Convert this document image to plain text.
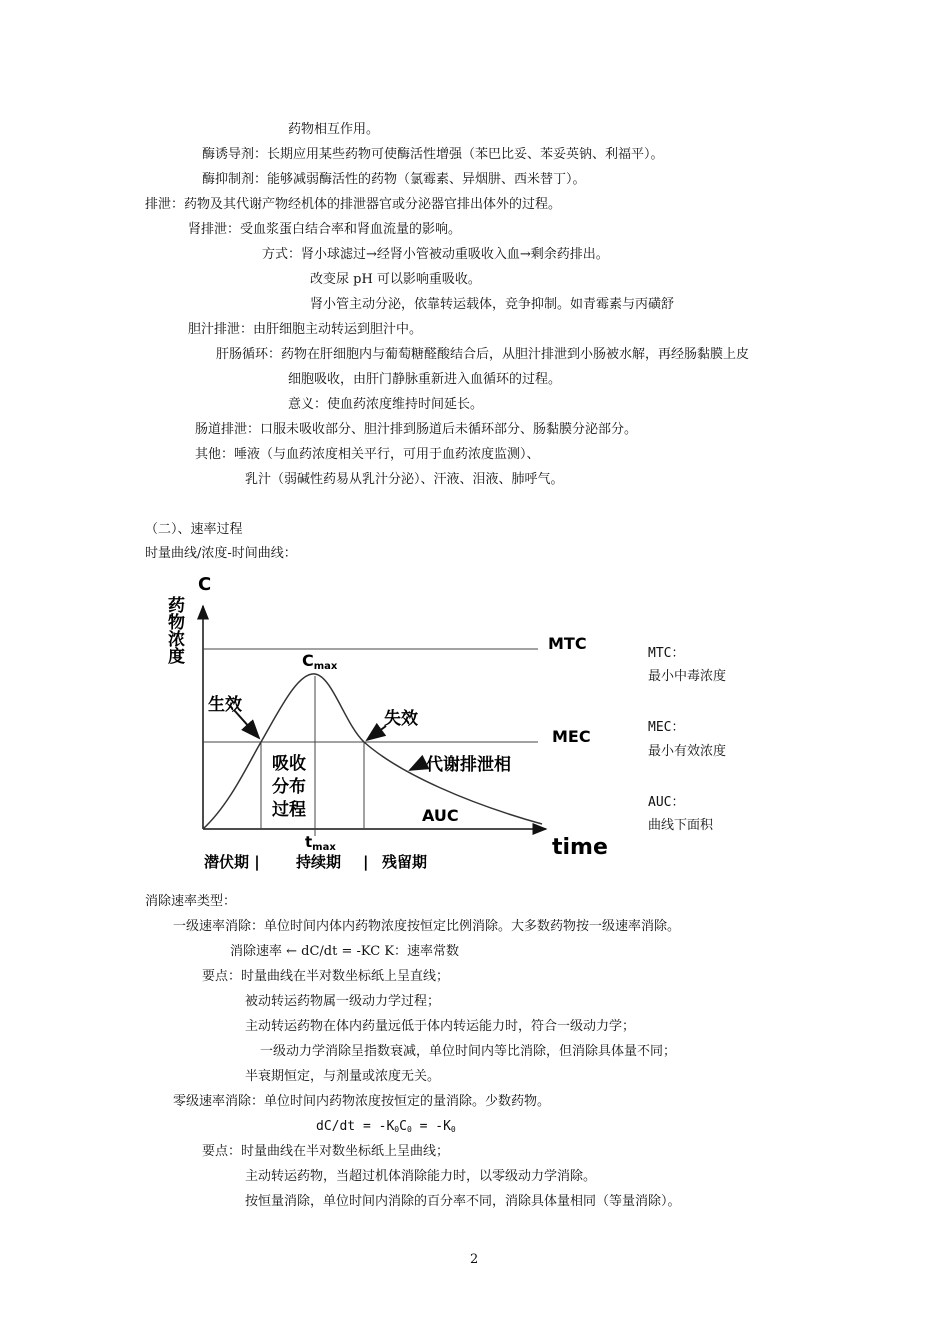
药物相互作用。
酶诱导剂：长期应用某些药物可使酶活性增强（苯巴比妥、苯妥英钠、利福平）。
酶抑制剂：能够减弱酶活性的药物（氯霉素、异烟肼、西米替丁）。
排泄：药物及其代谢产物经机体的排泄器官或分泌器官排出体外的过程。
肾排泄：受血浆蛋白结合率和肾血流量的影响。
方式：肾小球滤过→经肾小管被动重吸收入血→剩余药排出。
改变尿 pH 可以影响重吸收。
肾小管主动分泌，依靠转运载体，竞争抑制。如青霉素与丙磺舒
胆汁排泄：由肝细胞主动转运到胆汁中。
肝肠循环：药物在肝细胞内与葡萄糖醛酸结合后，从胆汁排泄到小肠被水解，再经肠黏膜上皮
细胞吸收，由肝门静脉重新进入血循环的过程。
意义：使血药浓度维持时间延长。
肠道排泄：口服未吸收部分、胆汁排到肠道后未循环部分、肠黏膜分泌部分。
其他：唾液（与血药浓度相关平行，可用于血药浓度监测）、
乳汁（弱碱性药易从乳汁分泌）、汗液、泪液、肺呼气。
（二）、速率过程
时量曲线/浓度-时间曲线：
C
药物浓度	MTC
MEC
Cmax
生效
失效
吸收
分布
过程
代谢排泄相
AUC
$t_{max}$	time
潜伏期 | 持续期 | 残留期
MTC：
最小中毒浓度
MEC：
最小有效浓度
AUC：
曲线下面积
消除速率类型：
一级速率消除：单位时间内体内药物浓度按恒定比例消除。大多数药物按一级速率消除。
消除速率 ← dC/dt = -KC K：速率常数
要点：时量曲线在半对数坐标纸上呈直线；
被动转运药物属一级动力学过程；
主动转运药物在体内药量远低于体内转运能力时，符合一级动力学；
一级动力学消除呈指数衰减，单位时间内等比消除，但消除具体量不同；
半衰期恒定，与剂量或浓度无关。
零级速率消除：单位时间内药物浓度按恒定的量消除。少数药物。
$dC/dt = -K_0C_0 = -K_0$
要点：时量曲线在半对数坐标纸上呈曲线；
主动转运药物，当超过机体消除能力时，以零级动力学消除。
按恒量消除，单位时间内消除的百分率不同，消除具体量相同（等量消除）。
2
